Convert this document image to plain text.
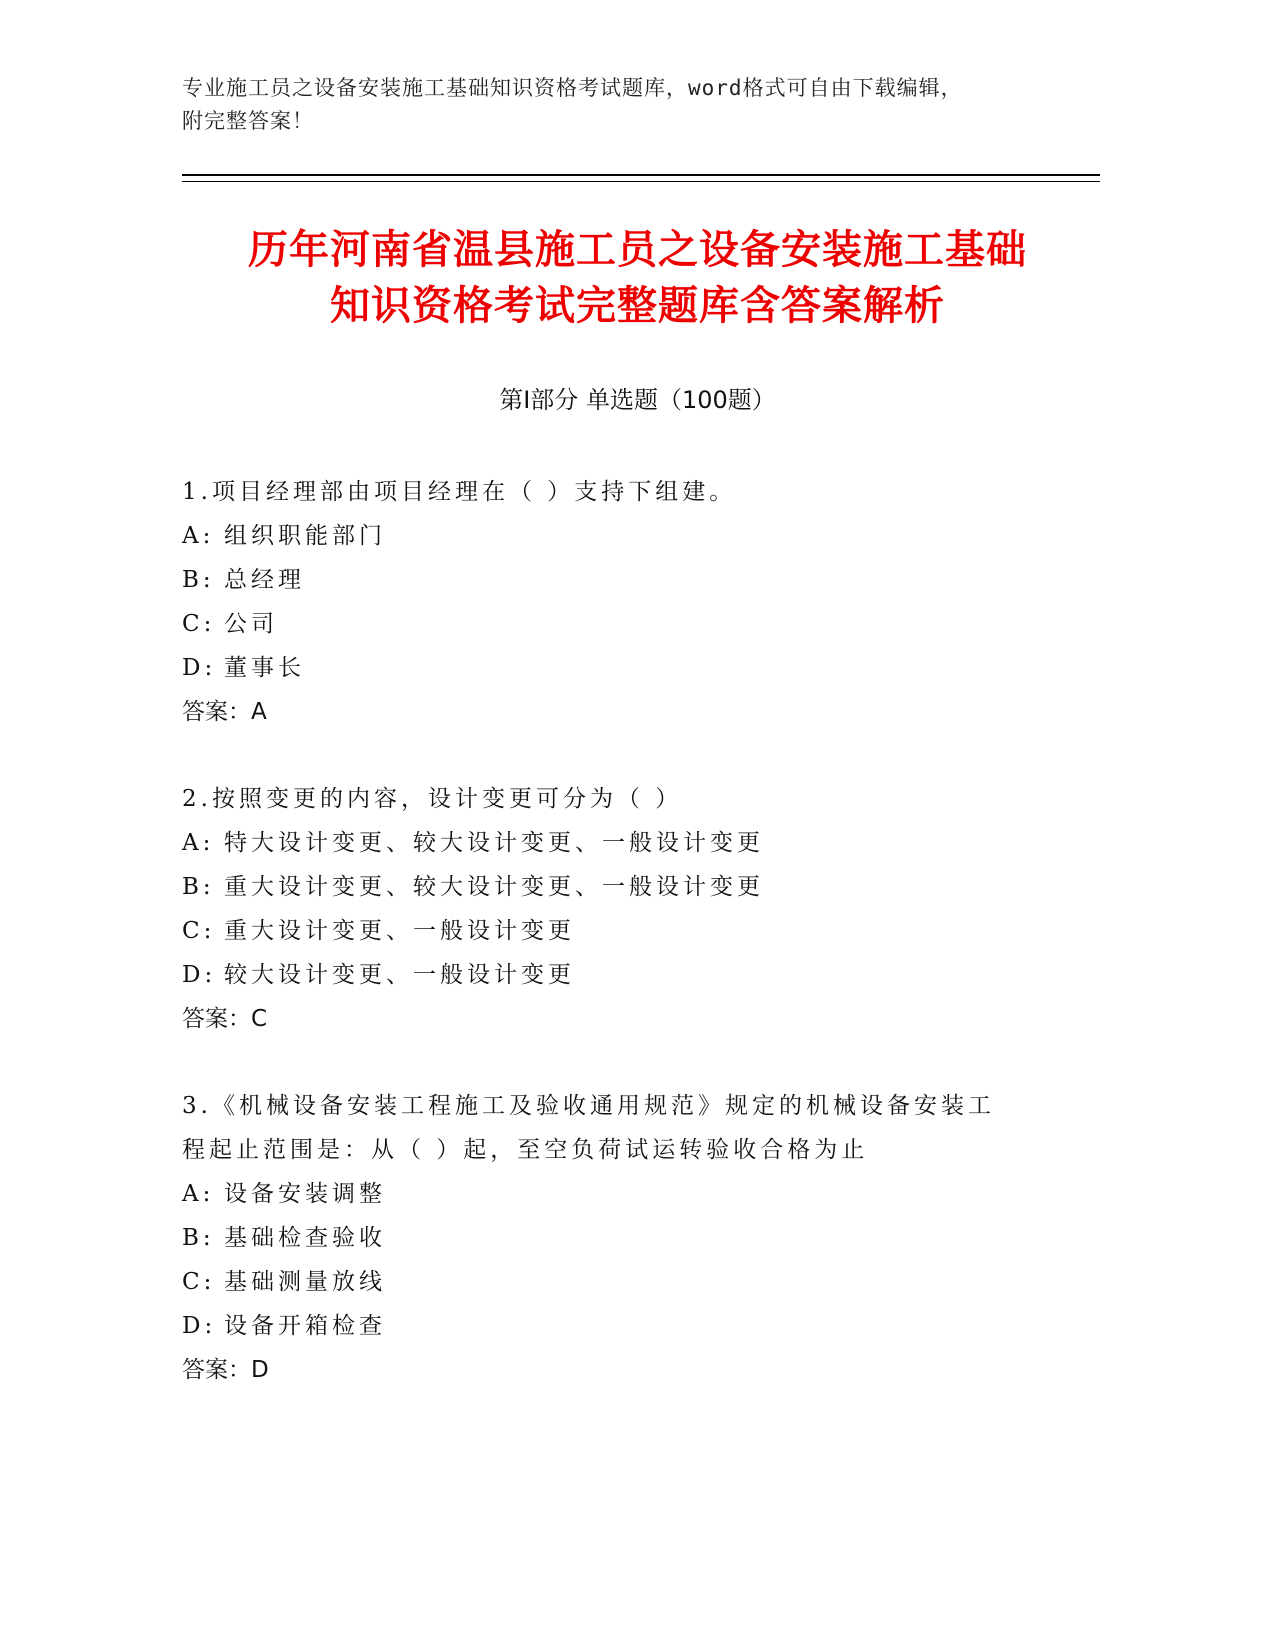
专业施工员之设备安装施工基础知识资格考试题库，word格式可自由下载编辑，
附完整答案！
历年河南省温县施工员之设备安装施工基础
知识资格考试完整题库含答案解析
第Ⅰ部分 单选题（100题）
1.项目经理部由项目经理在（ ）支持下组建。
A: 组织职能部门
B: 总经理
C: 公司
D: 董事长
答案：A
2.按照变更的内容，设计变更可分为（ ）
A: 特大设计变更、较大设计变更、一般设计变更
B: 重大设计变更、较大设计变更、一般设计变更
C: 重大设计变更、一般设计变更
D: 较大设计变更、一般设计变更
答案：C
3.《机械设备安装工程施工及验收通用规范》规定的机械设备安装工
程起止范围是：从（ ）起，至空负荷试运转验收合格为止
A: 设备安装调整
B: 基础检查验收
C: 基础测量放线
D: 设备开箱检查
答案：D
